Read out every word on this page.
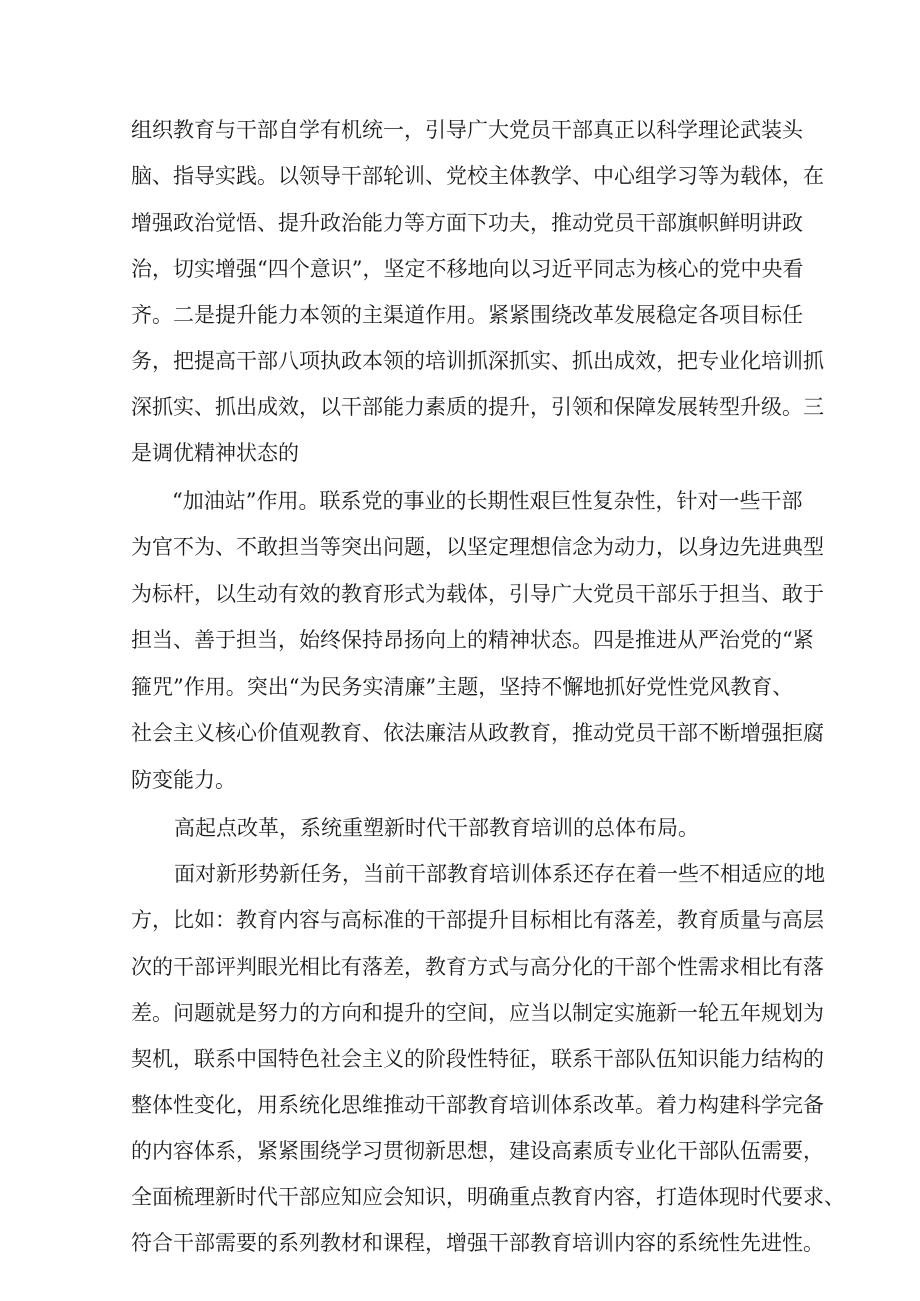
组织教育与干部自学有机统一，引导广大党员干部真正以科学理论武装头

脑、指导实践。以领导干部轮训、党校主体教学、中心组学习等为载体，在

增强政治觉悟、提升政治能力等方面下功夫，推动党员干部旗帜鲜明讲政

治，切实增强“四个意识”，坚定不移地向以习近平同志为核心的党中央看

齐。二是提升能力本领的主渠道作用。紧紧围绕改革发展稳定各项目标任

务，把提高干部八项执政本领的培训抓深抓实、抓出成效，把专业化培训抓

深抓实、抓出成效，以干部能力素质的提升，引领和保障发展转型升级。三

是调优精神状态的

“加油站”作用。联系党的事业的长期性艰巨性复杂性，针对一些干部

为官不为、不敢担当等突出问题，以坚定理想信念为动力，以身边先进典型

为标杆，以生动有效的教育形式为载体，引导广大党员干部乐于担当、敢于

担当、善于担当，始终保持昂扬向上的精神状态。四是推进从严治党的“紧

箍咒”作用。突出“为民务实清廉”主题，坚持不懈地抓好党性党风教育、

社会主义核心价值观教育、依法廉洁从政教育，推动党员干部不断增强拒腐

防变能力。

高起点改革，系统重塑新时代干部教育培训的总体布局。

面对新形势新任务，当前干部教育培训体系还存在着一些不相适应的地

方，比如：教育内容与高标准的干部提升目标相比有落差，教育质量与高层

次的干部评判眼光相比有落差，教育方式与高分化的干部个性需求相比有落

差。问题就是努力的方向和提升的空间，应当以制定实施新一轮五年规划为

契机，联系中国特色社会主义的阶段性特征，联系干部队伍知识能力结构的

整体性变化，用系统化思维推动干部教育培训体系改革。着力构建科学完备

的内容体系，紧紧围绕学习贯彻新思想，建设高素质专业化干部队伍需要，

全面梳理新时代干部应知应会知识，明确重点教育内容，打造体现时代要求、

符合干部需要的系列教材和课程，增强干部教育培训内容的系统性先进性。
